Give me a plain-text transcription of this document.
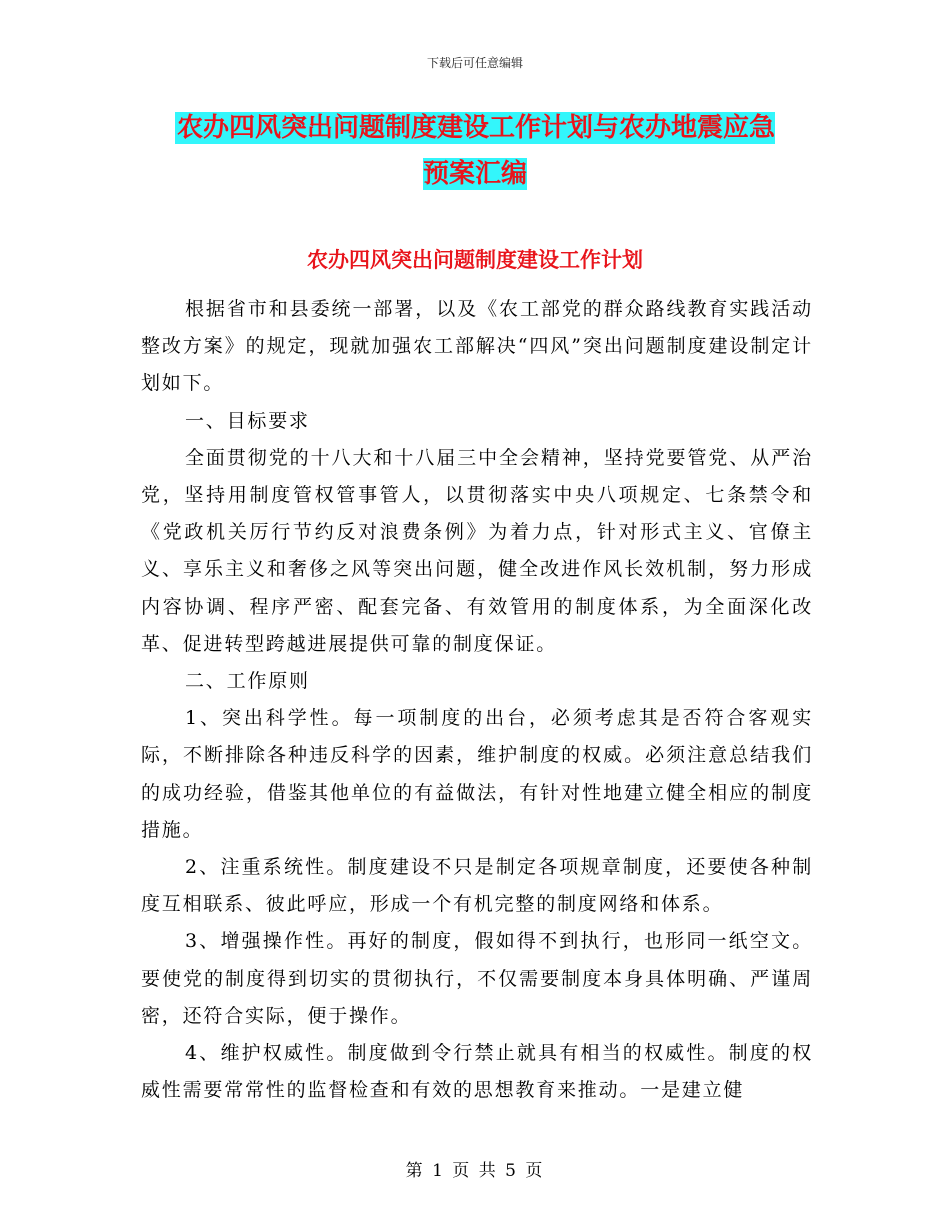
下载后可任意编辑
农办四风突出问题制度建设工作计划与农办地震应急
预案汇编
农办四风突出问题制度建设工作计划

根据省市和县委统一部署，以及《农工部党的群众路线教育实践活动整改方案》的规定，现就加强农工部解决“四风”突出问题制度建设制定计划如下。

一、目标要求

全面贯彻党的十八大和十八届三中全会精神，坚持党要管党、从严治党，坚持用制度管权管事管人，以贯彻落实中央八项规定、七条禁令和《党政机关厉行节约反对浪费条例》为着力点，针对形式主义、官僚主义、享乐主义和奢侈之风等突出问题，健全改进作风长效机制，努力形成内容协调、程序严密、配套完备、有效管用的制度体系，为全面深化改革、促进转型跨越进展提供可靠的制度保证。

二、工作原则

1、突出科学性。每一项制度的出台，必须考虑其是否符合客观实际，不断排除各种违反科学的因素，维护制度的权威。必须注意总结我们的成功经验，借鉴其他单位的有益做法，有针对性地建立健全相应的制度措施。

2、注重系统性。制度建设不只是制定各项规章制度，还要使各种制度互相联系、彼此呼应，形成一个有机完整的制度网络和体系。

3、增强操作性。再好的制度，假如得不到执行，也形同一纸空文。要使党的制度得到切实的贯彻执行，不仅需要制度本身具体明确、严谨周密，还符合实际，便于操作。

4、维护权威性。制度做到令行禁止就具有相当的权威性。制度的权威性需要常常性的监督检查和有效的思想教育来推动。一是建立健

第 1 页 共 5 页
